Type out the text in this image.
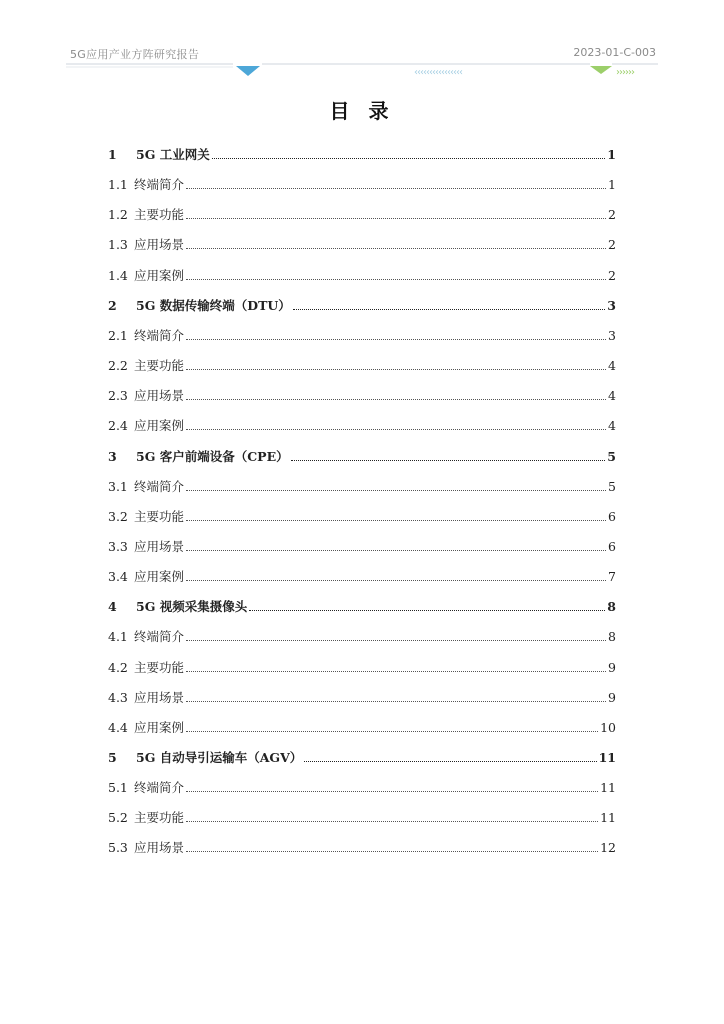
5G应用产业方阵研究报告	2023-01-C-003
‹‹‹‹‹‹‹‹‹‹‹‹‹‹‹‹	››››››
目 录
1	5G 工业网关	1
1.1 终端简介	1
1.2 主要功能	2
1.3 应用场景	2
1.4 应用案例	2
2	5G 数据传输终端（DTU）	3
2.1 终端简介	3
2.2 主要功能	4
2.3 应用场景	4
2.4 应用案例	4
3	5G 客户前端设备（CPE）	5
3.1 终端简介	5
3.2 主要功能	6
3.3 应用场景	6
3.4 应用案例	7
4	5G 视频采集摄像头	8
4.1 终端简介	8
4.2 主要功能	9
4.3 应用场景	9
4.4 应用案例	10
5	5G 自动导引运输车（AGV）	11
5.1 终端简介	11
5.2 主要功能	11
5.3 应用场景	12
